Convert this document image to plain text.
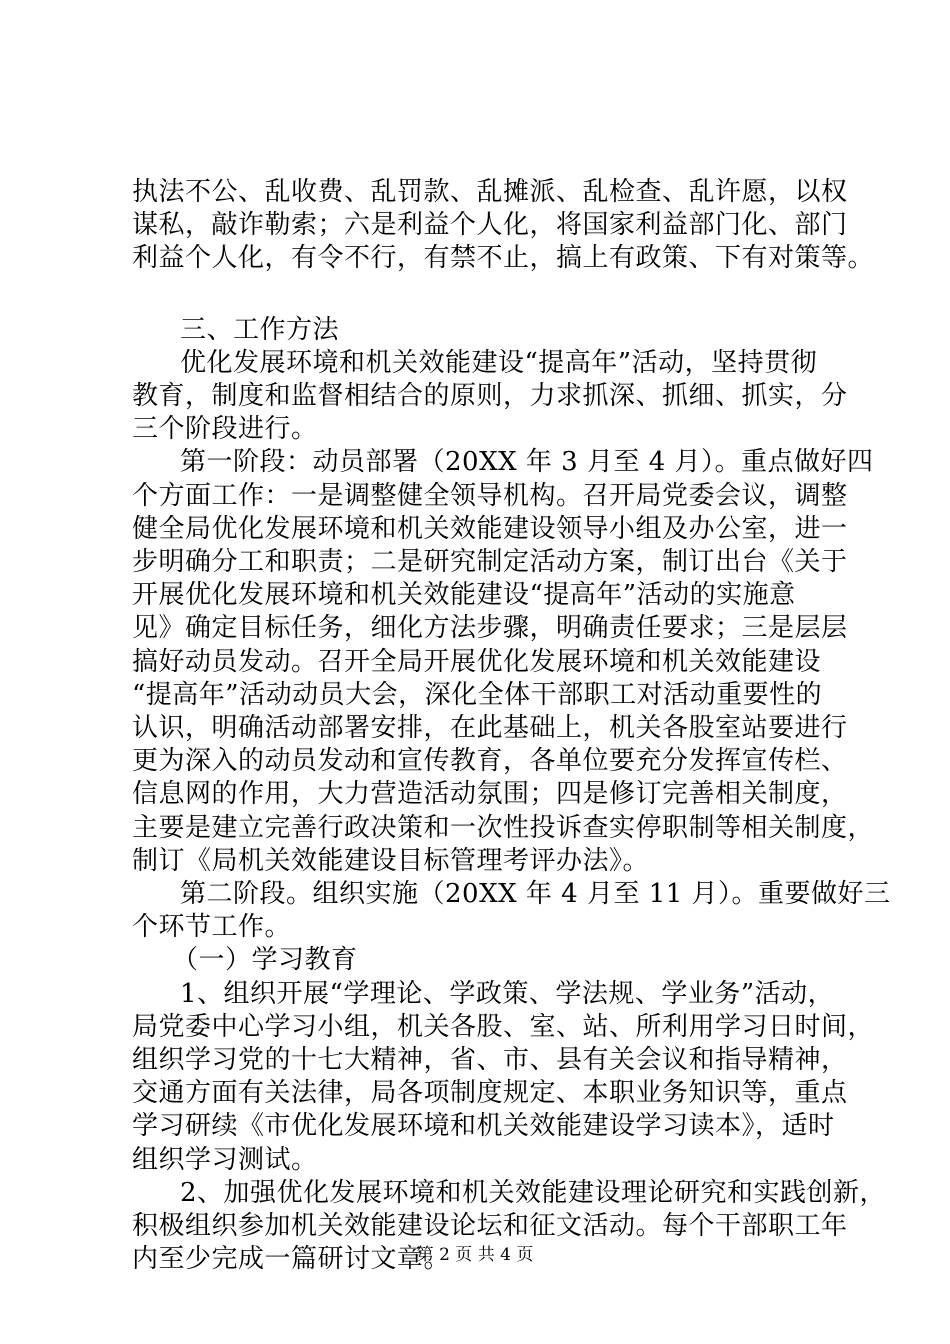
执法不公、乱收费、乱罚款、乱摊派、乱检查、乱许愿，以权
谋私，敲诈勒索；六是利益个人化，将国家利益部门化、部门
利益个人化，有令不行，有禁不止，搞上有政策、下有对策等。
三、工作方法
优化发展环境和机关效能建设“提高年”活动，坚持贯彻
教育，制度和监督相结合的原则，力求抓深、抓细、抓实，分
三个阶段进行。
第一阶段：动员部署（20XX 年 3 月至 4 月）。重点做好四
个方面工作：一是调整健全领导机构。召开局党委会议，调整
健全局优化发展环境和机关效能建设领导小组及办公室，进一
步明确分工和职责；二是研究制定活动方案，制订出台《关于
开展优化发展环境和机关效能建设“提高年”活动的实施意
见》确定目标任务，细化方法步骤，明确责任要求；三是层层
搞好动员发动。召开全局开展优化发展环境和机关效能建设
“提高年”活动动员大会，深化全体干部职工对活动重要性的
认识，明确活动部署安排，在此基础上，机关各股室站要进行
更为深入的动员发动和宣传教育，各单位要充分发挥宣传栏、
信息网的作用，大力营造活动氛围；四是修订完善相关制度，
主要是建立完善行政决策和一次性投诉查实停职制等相关制度，
制订《局机关效能建设目标管理考评办法》。
第二阶段。组织实施（20XX 年 4 月至 11 月）。重要做好三
个环节工作。
（一）学习教育
1、组织开展“学理论、学政策、学法规、学业务”活动，
局党委中心学习小组，机关各股、室、站、所利用学习日时间，
组织学习党的十七大精神，省、市、县有关会议和指导精神，
交通方面有关法律，局各项制度规定、本职业务知识等，重点
学习研续《市优化发展环境和机关效能建设学习读本》，适时
组织学习测试。
2、加强优化发展环境和机关效能建设理论研究和实践创新，
积极组织参加机关效能建设论坛和征文活动。每个干部职工年
内至少完成一篇研讨文章。
第 2 页 共 4 页
